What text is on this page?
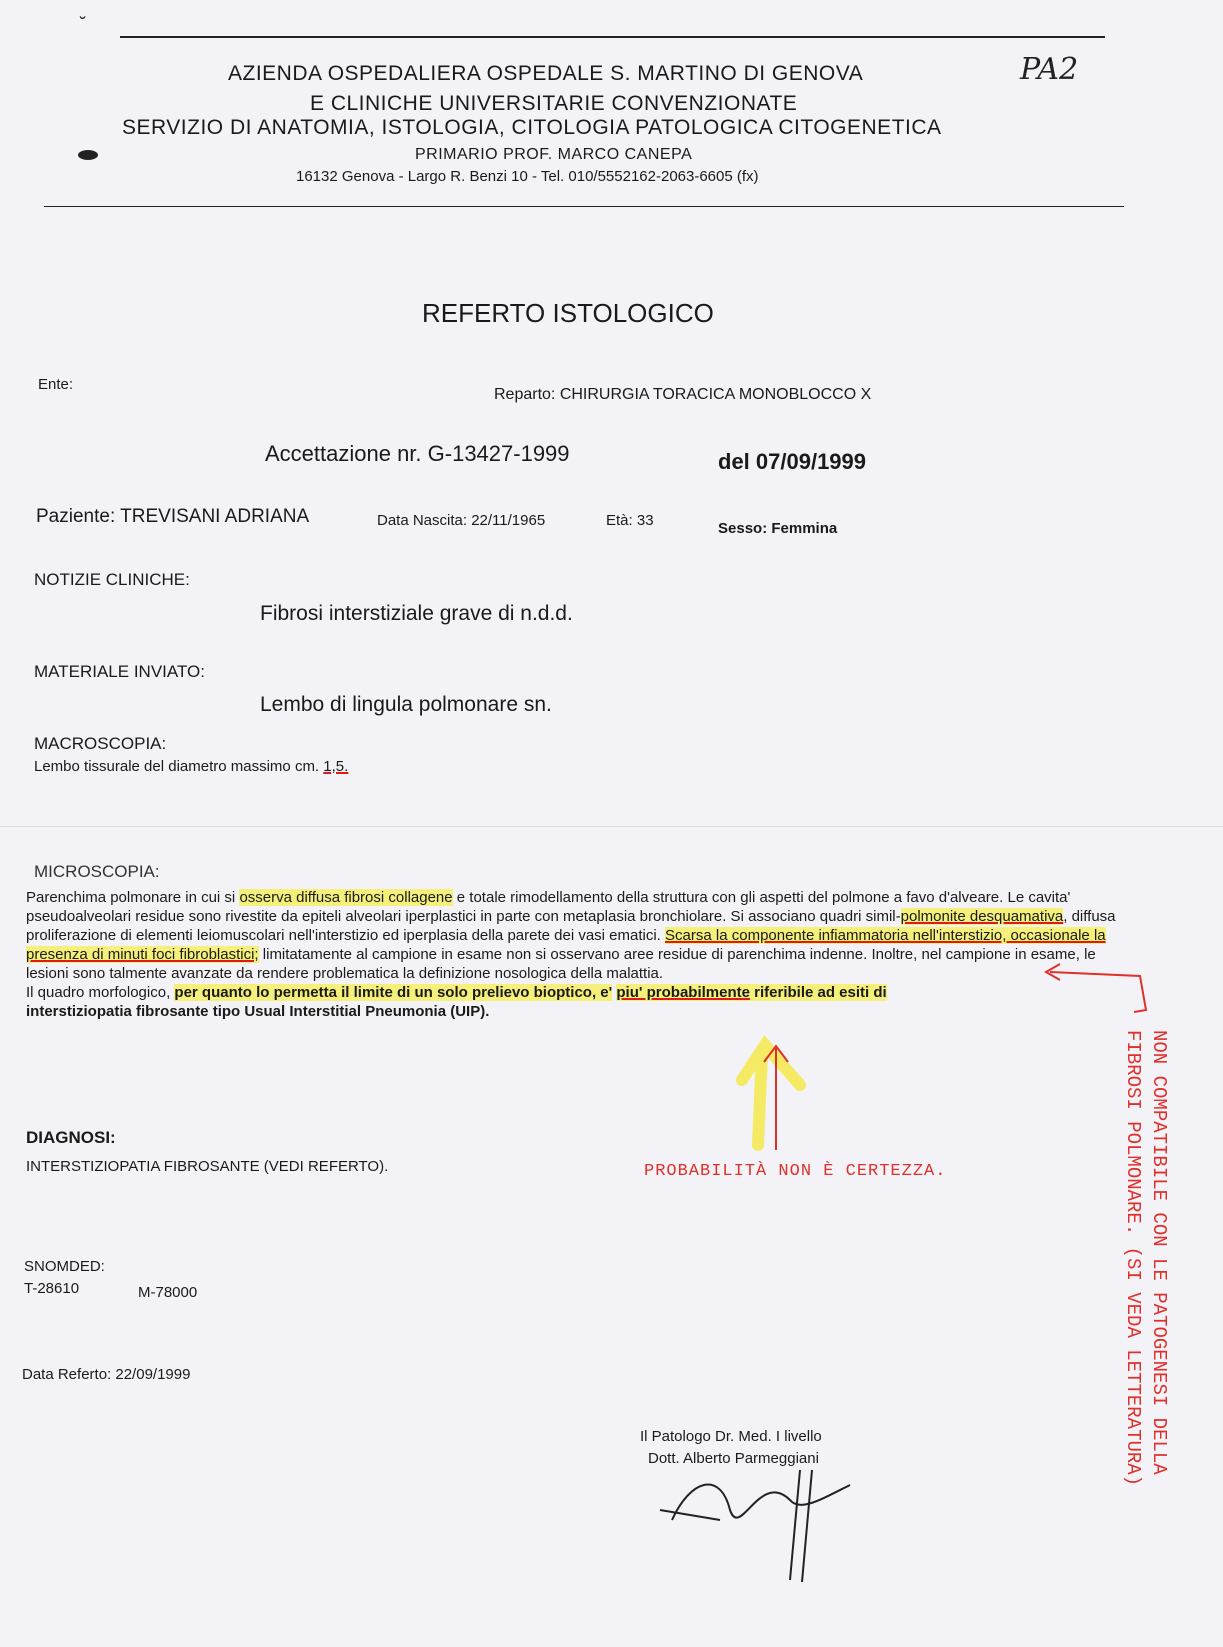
˘
AZIENDA OSPEDALIERA OSPEDALE S. MARTINO DI GENOVA
E CLINICHE UNIVERSITARIE CONVENZIONATE
SERVIZIO DI ANATOMIA, ISTOLOGIA, CITOLOGIA PATOLOGICA CITOGENETICA
PRIMARIO PROF. MARCO CANEPA
16132 Genova - Largo R. Benzi 10 - Tel. 010/5552162-2063-6605 (fx)
PA2
REFERTO ISTOLOGICO
Ente:
Reparto: CHIRURGIA TORACICA MONOBLOCCO X
Accettazione nr. G-13427-1999	del 07/09/1999
Paziente: TREVISANI ADRIANA	Data Nascita: 22/11/1965	Età: 33	Sesso: Femmina
NOTIZIE CLINICHE:
Fibrosi interstiziale grave di n.d.d.
MATERIALE INVIATO:
Lembo di lingula polmonare sn.
MACROSCOPIA:
Lembo tissurale del diametro massimo cm. 1,5.
MICROSCOPIA:

Parenchima polmonare in cui si osserva diffusa fibrosi collagene e totale rimodellamento della struttura con gli aspetti del polmone a favo d'alveare. Le cavita' pseudoalveolari residue sono rivestite da epiteli alveolari iperplastici in parte con metaplasia bronchiolare. Si associano quadri simil-polmonite desquamativa, diffusa proliferazione di elementi leiomuscolari nell'interstizio ed iperplasia della parete dei vasi ematici. Scarsa la componente infiammatoria nell'interstizio, occasionale la presenza di minuti foci fibroblastici; limitatamente al campione in esame non si osservano aree residue di parenchima indenne. Inoltre, nel campione in esame, le lesioni sono talmente avanzate da rendere problematica la definizione nosologica della malattia.

Il quadro morfologico, per quanto lo permetta il limite di un solo prelievo bioptico, e' piu' probabilmente riferibile ad esiti di

interstiziopatia fibrosante tipo Usual Interstitial Pneumonia (UIP).

DIAGNOSI:
INTERSTIZIOPATIA FIBROSANTE (VEDI REFERTO).
SNOMDED:
T-28610	M-78000
Data Referto: 22/09/1999
Il Patologo Dr. Med. I livello
Dott. Alberto Parmeggiani
PROBABILITÀ NON È CERTEZZA.	NON COMPATIBILE CON LE PATOGENESI DELLA
FIBROSI POLMONARE. (SI VEDA LETTERATURA)
